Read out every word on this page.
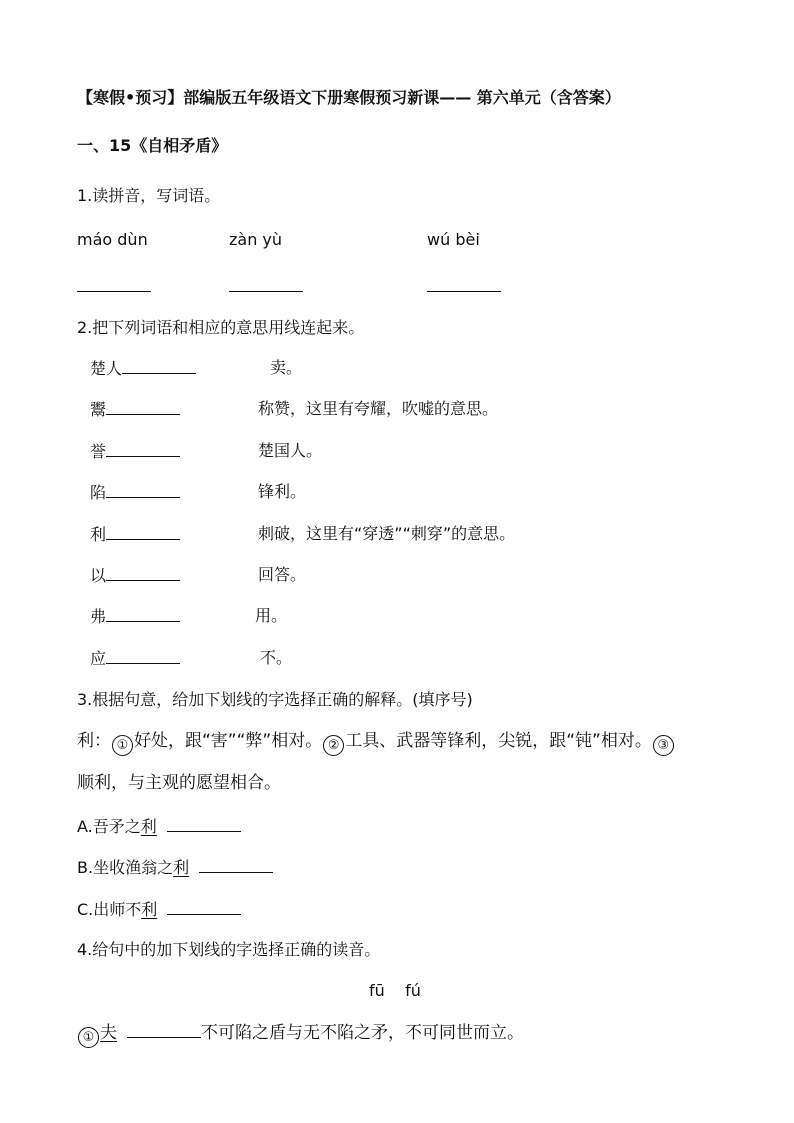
【寒假•预习】部编版五年级语文下册寒假预习新课—— 第六单元（含答案）
一、15《自相矛盾》
1.读拼音，写词语。
máo dùn	zàn yù	wú bèi
2.把下列词语和相应的意思用线连起来。
楚人	卖。
鬻	称赞，这里有夸耀，吹嘘的意思。
誉	楚国人。
陷	锋利。
利	刺破，这里有“穿透”“刺穿”的意思。
以	回答。
弗	用。
应	不。
3.根据句意，给加下划线的字选择正确的解释。(填序号)
利： ① 好处，跟“害”“弊”相对。 ② 工具、武器等锋利，尖锐，跟“钝”相对。 ③
顺利，与主观的愿望相合。
A.吾矛之利
B.坐收渔翁之利
C.出师不利
4.给句中的加下划线的字选择正确的读音。
fū    fú
① 夫	不可陷之盾与无不陷之矛，不可同世而立。
